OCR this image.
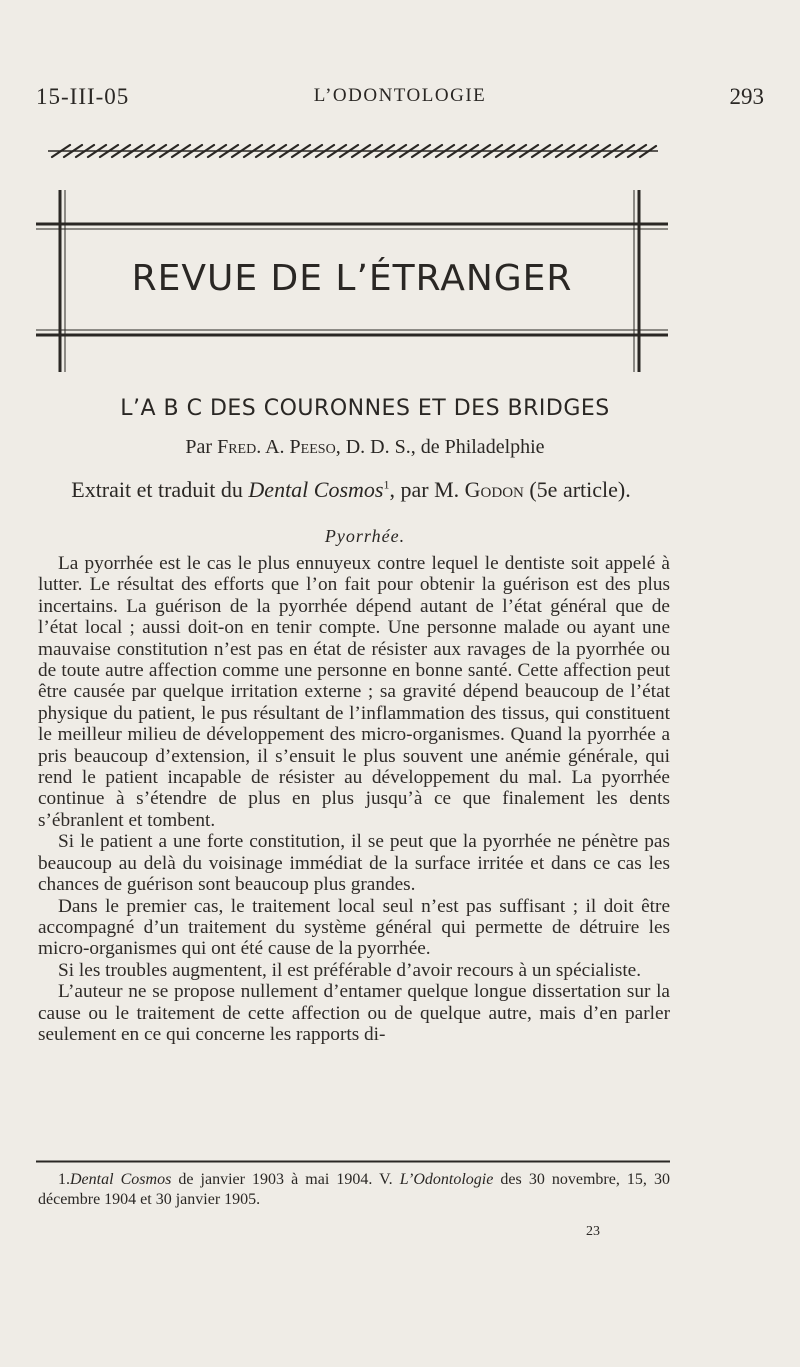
15-III-05	L’ODONTOLOGIE	293
REVUE DE L’ÉTRANGER
L’A B C DES COURONNES ET DES BRIDGES
Par Fred. A. Peeso, D. D. S., de Philadelphie
Extrait et traduit du Dental Cosmos$^1$, par M. Godon (5e article).
Pyorrhée.

La pyorrhée est le cas le plus ennuyeux contre lequel le dentiste soit appelé à lutter. Le résultat des efforts que l’on fait pour obtenir la guérison est des plus incertains. La guérison de la pyorrhée dépend autant de l’état général que de l’état local ; aussi doit-on en tenir compte. Une personne malade ou ayant une mauvaise constitution n’est pas en état de résister aux ravages de la pyorrhée ou de toute autre affection comme une personne en bonne santé. Cette affection peut être causée par quelque irritation externe ; sa gravité dépend beaucoup de l’état physique du patient, le pus résultant de l’inflammation des tissus, qui constituent le meilleur milieu de développement des micro-organismes. Quand la pyorrhée a pris beaucoup d’extension, il s’ensuit le plus souvent une anémie générale, qui rend le patient incapable de résister au développement du mal. La pyorrhée continue à s’étendre de plus en plus jusqu’à ce que finalement les dents s’ébranlent et tombent.

Si le patient a une forte constitution, il se peut que la pyorrhée ne pénètre pas beaucoup au delà du voisinage immédiat de la surface irritée et dans ce cas les chances de guérison sont beaucoup plus grandes.

Dans le premier cas, le traitement local seul n’est pas suffisant ; il doit être accompagné d’un traitement du système général qui permette de détruire les micro-organismes qui ont été cause de la pyorrhée.

Si les troubles augmentent, il est préférable d’avoir recours à un spécialiste.

L’auteur ne se propose nullement d’entamer quelque longue dissertation sur la cause ou le traitement de cette affection ou de quelque autre, mais d’en parler seulement en ce qui concerne les rapports di-

1.Dental Cosmos de janvier 1903 à mai 1904. V. L’Odontologie des 30 novembre, 15, 30 décembre 1904 et 30 janvier 1905.

23
